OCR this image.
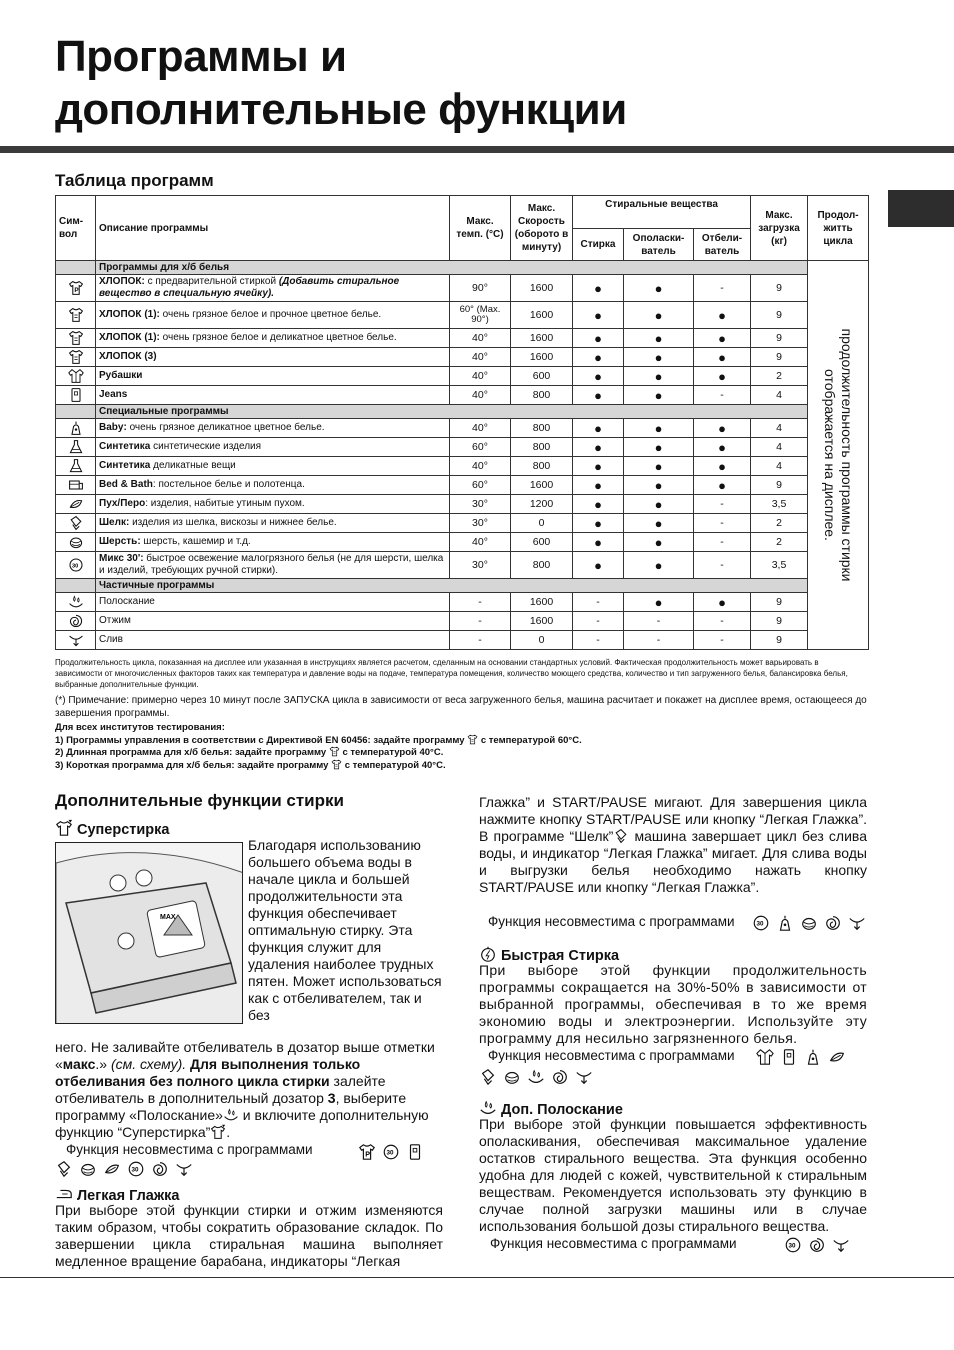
Программы и
дополнительные функции
Таблица программ
Сим-вол	Описание программы	Макс. темп. (°C)	Макс. Скорость (оборото в минуту)	Стиральные вещества			Макс. загрузка (кг)	Продол-житть цикла
				Стирка	Ополаски-ватель	Отбели-ватель		
	Программы для х/б белья							продолжительность программы стирки отображается на дисплее.

	ХЛОПОК: с предварительной стиркой (Добавить стиральное вещество в специальную ячейку).	90°	1600	●	●	-	9	

	ХЛОПОК (1): очень грязное белое и прочное цветное белье.	60° (Max. 90°)	1600	●	●	●	9	

	ХЛОПОК (1): очень грязное белое и деликатное цветное белье.	40°	1600	●	●	●	9	

	ХЛОПОК (3)	40°	1600	●	●	●	9	

	Рубашки	40°	600	●	●	●	2	

	Jeans	40°	800	●	●	-	4	
	Специальные программы							

	Baby: очень грязное деликатное цветное белье.	40°	800	●	●	●	4	

	Синтетика синтетические изделия	60°	800	●	●	●	4	

	Синтетика деликатные вещи	40°	800	●	●	●	4	

	Bed & Bath: постельное белье и полотенца.	60°	1600	●	●	●	9	

	Пух/Перо: изделия, набитые утиным пухом.	30°	1200	●	●	-	3,5	

	Шелк: изделия из шелка, вискозы и нижнее белье.	30°	0	●	●	-	2	

	Шерсть: шерсть, кашемир и т.д.	40°	600	●	●	-	2	

	Микс 30': быстрое освежение малогрязного белья (не для шерсти, шелка и изделий, требующих ручной стирки).	30°	800	●	●	-	3,5	
	Частичные программы							

	Полоскание	-	1600	-	●	●	9	

	Отжим	-	1600	-	-	-	9	

	Слив	-	0	-	-	-	9	
Продолжительность цикла, показанная на дисплее или указанная в инструкциях является расчетом, сделанным на основании стандартных условий. Фактическая продолжительность может варьировать в зависимости от многочисленных факторов таких как температура и давление воды на подаче, температура помещения, количество моющего средства, количество и тип загруженного белья, балансировка белья, выбранные дополнительные функции.
(*) Примечание: примерно через 10 минут после ЗАПУСКА цикла в зависимости от веса загруженного белья, машина расчитает и покажет на дисплее время, остающееся до завершения программы.
Для всех институтов тестирования:
1) Программы управления в соответствии с Директивой EN 60456: задайте программу с температурой 60°C.
2) Длинная программа для х/б белья: задайте программу с температурой 40°C.
3) Короткая программа для х/б белья: задайте программу с температурой 40°C.
Дополнительные функции стирки
Суперстирка
MAX
Благодаря использованию большего объема воды в начале цикла и большей продолжительности эта функция обеспечивает оптимальную стирку. Эта функция служит для удаления наиболее трудных пятен. Может использоваться как с отбеливателем, так и без
него. Не заливайте отбеливатель в дозатор выше отметки «макс.» (см. схему). Для выполнения только отбеливания без полного цикла стирки залейте отбеливатель в дополнительный дозатор 3, выберите программу «Полоскание» и включите дополнительную функцию “Суперстирка” .
Функция несовместима с программами
Легкая Глажка
При выборе этой функции стирки и отжим изменяются таким образом, чтобы сократить образование складок. По завершении цикла стиральная машина выполняет медленное вращение барабана, индикаторы “Легкая
Глажка” и START/PAUSE мигают. Для завершения цикла нажмите кнопку START/PAUSE или кнопку “Легкая Глажка”. В программе “Шелк” машина завершает цикл без слива воды, и индикатор “Легкая Глажка” мигает. Для слива воды и выгрузки белья необходимо нажать кнопку START/PAUSE или кнопку “Легкая Глажка”.
Функция несовместима с программами
Быстрая Стирка
При выборе этой функции продолжительность программы сокращается на 30%-50% в зависимости от выбранной программы, обеспечивая в то же время экономию воды и электроэнергии. Используйте эту программу для несильно загрязненного белья.
Функция несовместима с программами
Доп. Полоскание
При выборе этой функции повышается эффективность ополаскивания, обеспечивая максимальное удаление остатков стирального вещества. Эта функция особенно удобна для людей с кожей, чувствительной к стиральным веществам. Рекомендуется использовать эту функцию в случае полной загрузки машины или в случае использования большой дозы стирального вещества.
Функция несовместима с программами
